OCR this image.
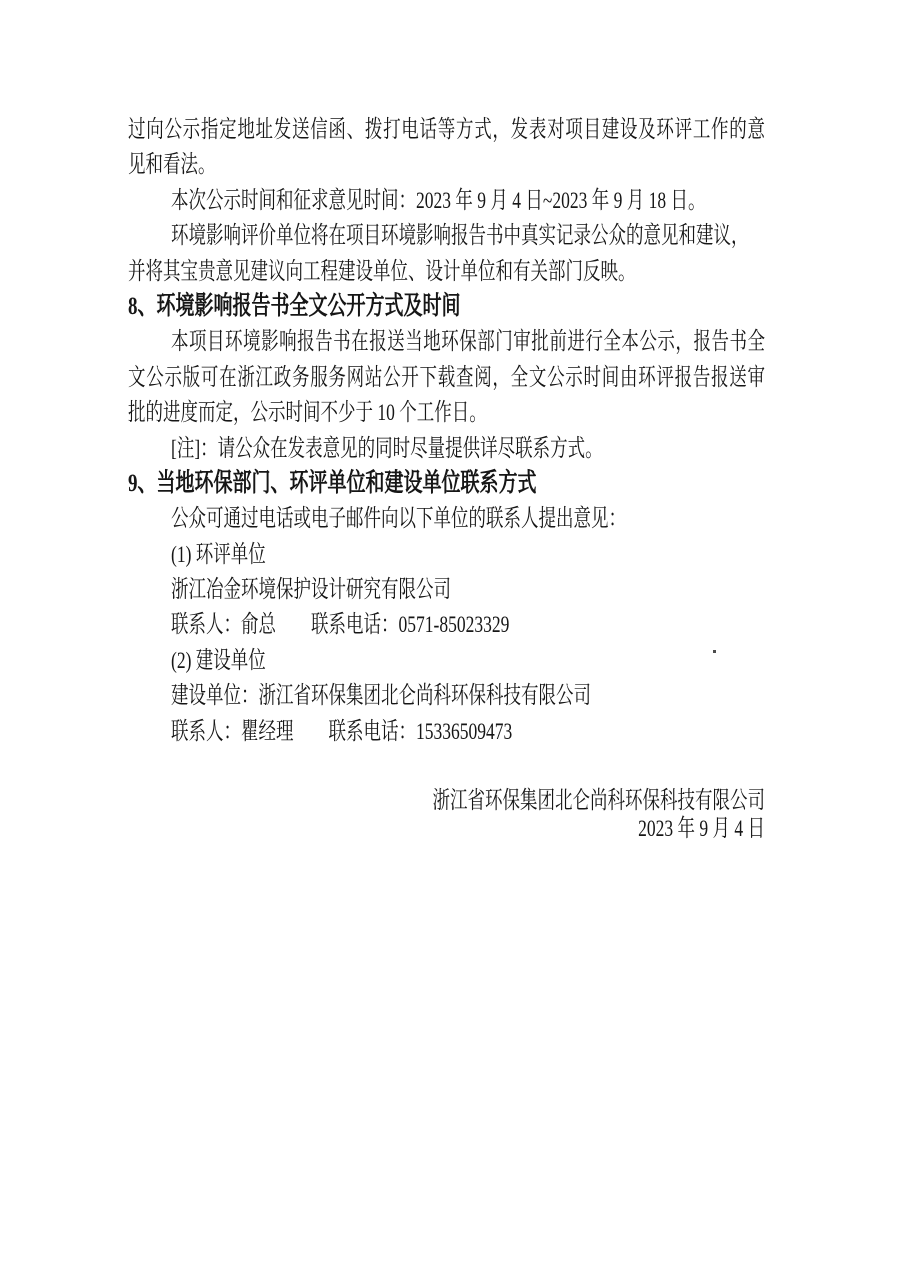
过向公示指定地址发送信函、拨打电话等方式，发表对项目建设及环评工作的意
见和看法。
本次公示时间和征求意见时间：2023 年 9 月 4 日~2023 年 9 月 18 日。
环境影响评价单位将在项目环境影响报告书中真实记录公众的意见和建议，
并将其宝贵意见建议向工程建设单位、设计单位和有关部门反映。
8、环境影响报告书全文公开方式及时间
本项目环境影响报告书在报送当地环保部门审批前进行全本公示，报告书全
文公示版可在浙江政务服务网站公开下载查阅，全文公示时间由环评报告报送审
批的进度而定，公示时间不少于 10 个工作日。
[注]：请公众在发表意见的同时尽量提供详尽联系方式。
9、当地环保部门、环评单位和建设单位联系方式
公众可通过电话或电子邮件向以下单位的联系人提出意见：
(1) 环评单位
浙江冶金环境保护设计研究有限公司
联系人：俞总　　联系电话：0571-85023329
(2) 建设单位
建设单位：浙江省环保集团北仑尚科环保科技有限公司
联系人：瞿经理　　联系电话：15336509473
浙江省环保集团北仑尚科环保科技有限公司
2023 年 9 月 4 日
